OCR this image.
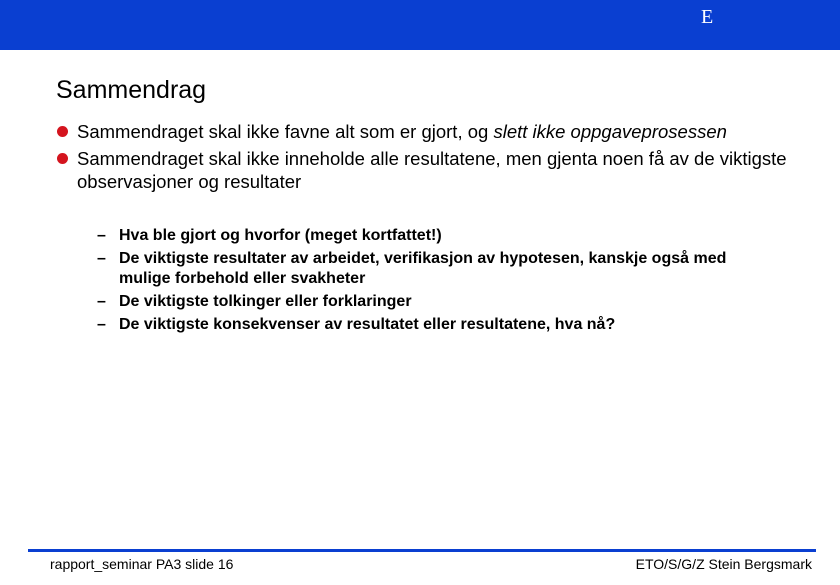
E
Sammendrag
Sammendraget skal ikke favne alt som er gjort, og slett ikke oppgaveprosessen
Sammendraget skal ikke inneholde alle resultatene, men gjenta noen få av de viktigste observasjoner og resultater
– Hva ble gjort og hvorfor (meget kortfattet!)
– De viktigste resultater av arbeidet, verifikasjon av hypotesen, kanskje også med mulige forbehold eller svakheter
– De viktigste tolkinger eller forklaringer
– De viktigste konsekvenser av resultatet eller resultatene, hva nå?
rapport_seminar PA3 slide 16	ETO/S/G/Z Stein Bergsmark
